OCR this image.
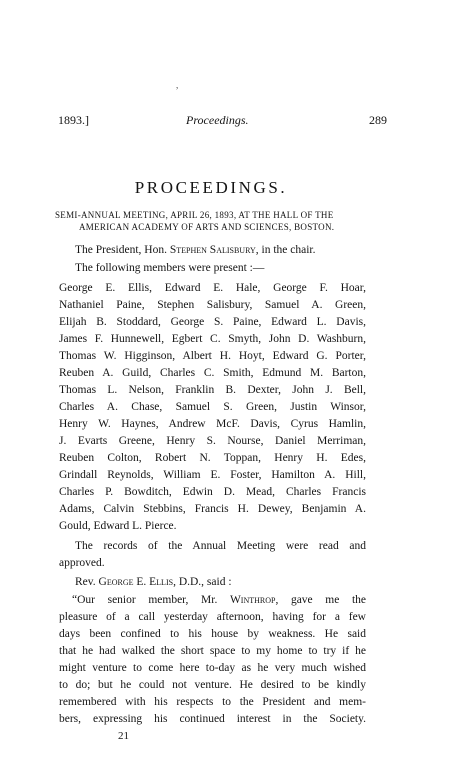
,
1893.]	Proceedings.	289
PROCEEDINGS.
SEMI-ANNUAL MEETING, APRIL 26, 1893, AT THE HALL OF THE
AMERICAN ACADEMY OF ARTS AND SCIENCES, BOSTON.
The President, Hon. Stephen Salisbury, in the chair.
The following members were present :—
George E. Ellis, Edward E. Hale, George F. Hoar,
Nathaniel Paine, Stephen Salisbury, Samuel A. Green,
Elijah B. Stoddard, George S. Paine, Edward L. Davis,
James F. Hunnewell, Egbert C. Smyth, John D. Washburn,
Thomas W. Higginson, Albert H. Hoyt, Edward G. Porter,
Reuben A. Guild, Charles C. Smith, Edmund M. Barton,
Thomas L. Nelson, Franklin B. Dexter, John J. Bell,
Charles A. Chase, Samuel S. Green, Justin Winsor,
Henry W. Haynes, Andrew McF. Davis, Cyrus Hamlin,
J. Evarts Greene, Henry S. Nourse, Daniel Merriman,
Reuben Colton, Robert N. Toppan, Henry H. Edes,
Grindall Reynolds, William E. Foster, Hamilton A. Hill,
Charles P. Bowditch, Edwin D. Mead, Charles Francis
Adams, Calvin Stebbins, Francis H. Dewey, Benjamin A.
Gould, Edward L. Pierce.
The records of the Annual Meeting were read and
approved.
Rev. George E. Ellis, D.D., said :
“Our senior member, Mr. Winthrop, gave me the
pleasure of a call yesterday afternoon, having for a few
days been confined to his house by weakness. He said
that he had walked the short space to my home to try if he
might venture to come here to-day as he very much wished
to do; but he could not venture. He desired to be kindly
remembered with his respects to the President and mem-
bers, expressing his continued interest in the Society.
21
